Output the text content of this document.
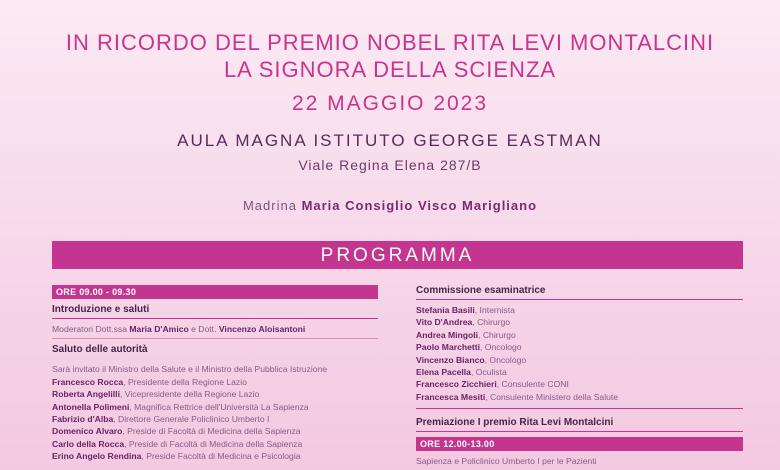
IN RICORDO DEL PREMIO NOBEL RITA LEVI MONTALCINI
LA SIGNORA DELLA SCIENZA
22 MAGGIO 2023
AULA MAGNA ISTITUTO GEORGE EASTMAN
Viale Regina Elena 287/B
Madrina Maria Consiglio Visco Marigliano
PROGRAMMA
ORE 09.00 - 09.30
Introduzione e saluti
Moderatori Dott.ssa Maria D'Amico e Dott. Vincenzo Aloisantoni
Saluto delle autorità
Sarà invitato il Ministro della Salute e il Ministro della Pubblica Istruzione
Francesco Rocca, Presidente della Regione Lazio
Roberta Angelilli, Vicepresidente della Regione Lazio
Antonella Polimeni, Magnifica Rettrice dell'Università La Sapienza
Fabrizio d'Alba, Direttore Generale Policlinico Umberto I
Domenico Alvaro, Preside di Facoltà di Medicina della Sapienza
Carlo della Rocca, Preside di Facoltà di Medicina della Sapienza
Erino Angelo Rendina, Preside Facoltà di Medicina e Psicologia
Commissione esaminatrice
Stefania Basili, Internista
Vito D'Andrea, Chirurgo
Andrea Mingoli, Chirurgo
Paolo Marchetti, Oncologo
Vincenzo Bianco, Oncologo
Elena Pacella, Oculista
Francesco Zicchieri, Consulente CONI
Francesca Mesiti, Consulente Ministero della Salute
Premiazione I premio Rita Levi Montalcini
ORE 12.00-13.00
Sapienza e Policlinico Umberto I per le Pazienti
